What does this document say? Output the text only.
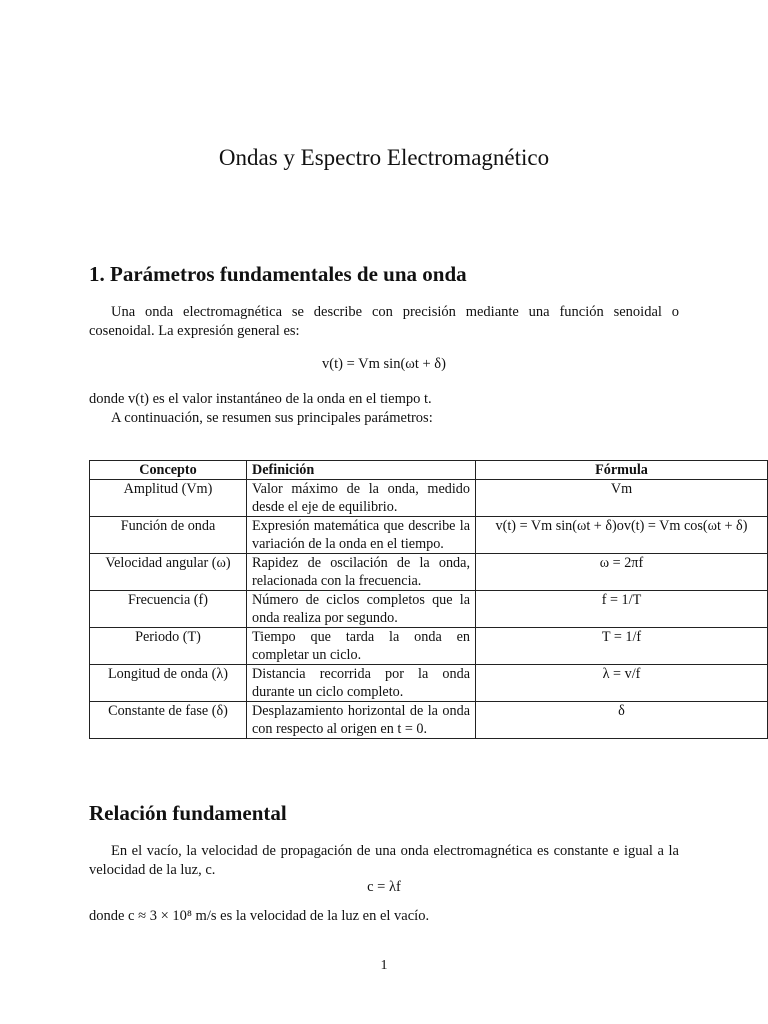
Ondas y Espectro Electromagnético
1. Parámetros fundamentales de una onda

Una onda electromagnética se describe con precisión mediante una función senoidal o cosenoidal. La expresión general es:

v(t) = Vm sin(ωt + δ)

donde v(t) es el valor instantáneo de la onda en el tiempo t.

A continuación, se resumen sus principales parámetros:

Concepto	Definición	Fórmula
Amplitud (Vm)	Valor máximo de la onda, medido desde el eje de equilibrio.	Vm
Función de onda	Expresión matemática que describe la variación de la onda en el tiempo.	v(t) = Vm sin(ωt + δ)ov(t) = Vm cos(ωt + δ)
Velocidad angular (ω)	Rapidez de oscilación de la onda, relacionada con la frecuencia.	ω = 2πf
Frecuencia (f)	Número de ciclos completos que la onda realiza por segundo.	f = 1/T
Periodo (T)	Tiempo que tarda la onda en completar un ciclo.	T = 1/f
Longitud de onda (λ)	Distancia recorrida por la onda durante un ciclo completo.	λ = v/f
Constante de fase (δ)	Desplazamiento horizontal de la onda con respecto al origen en t = 0.	δ
Relación fundamental

En el vacío, la velocidad de propagación de una onda electromagnética es constante e igual a la velocidad de la luz, c.

c = λf

donde c ≈ 3 × 10⁸ m/s es la velocidad de la luz en el vacío.

1
